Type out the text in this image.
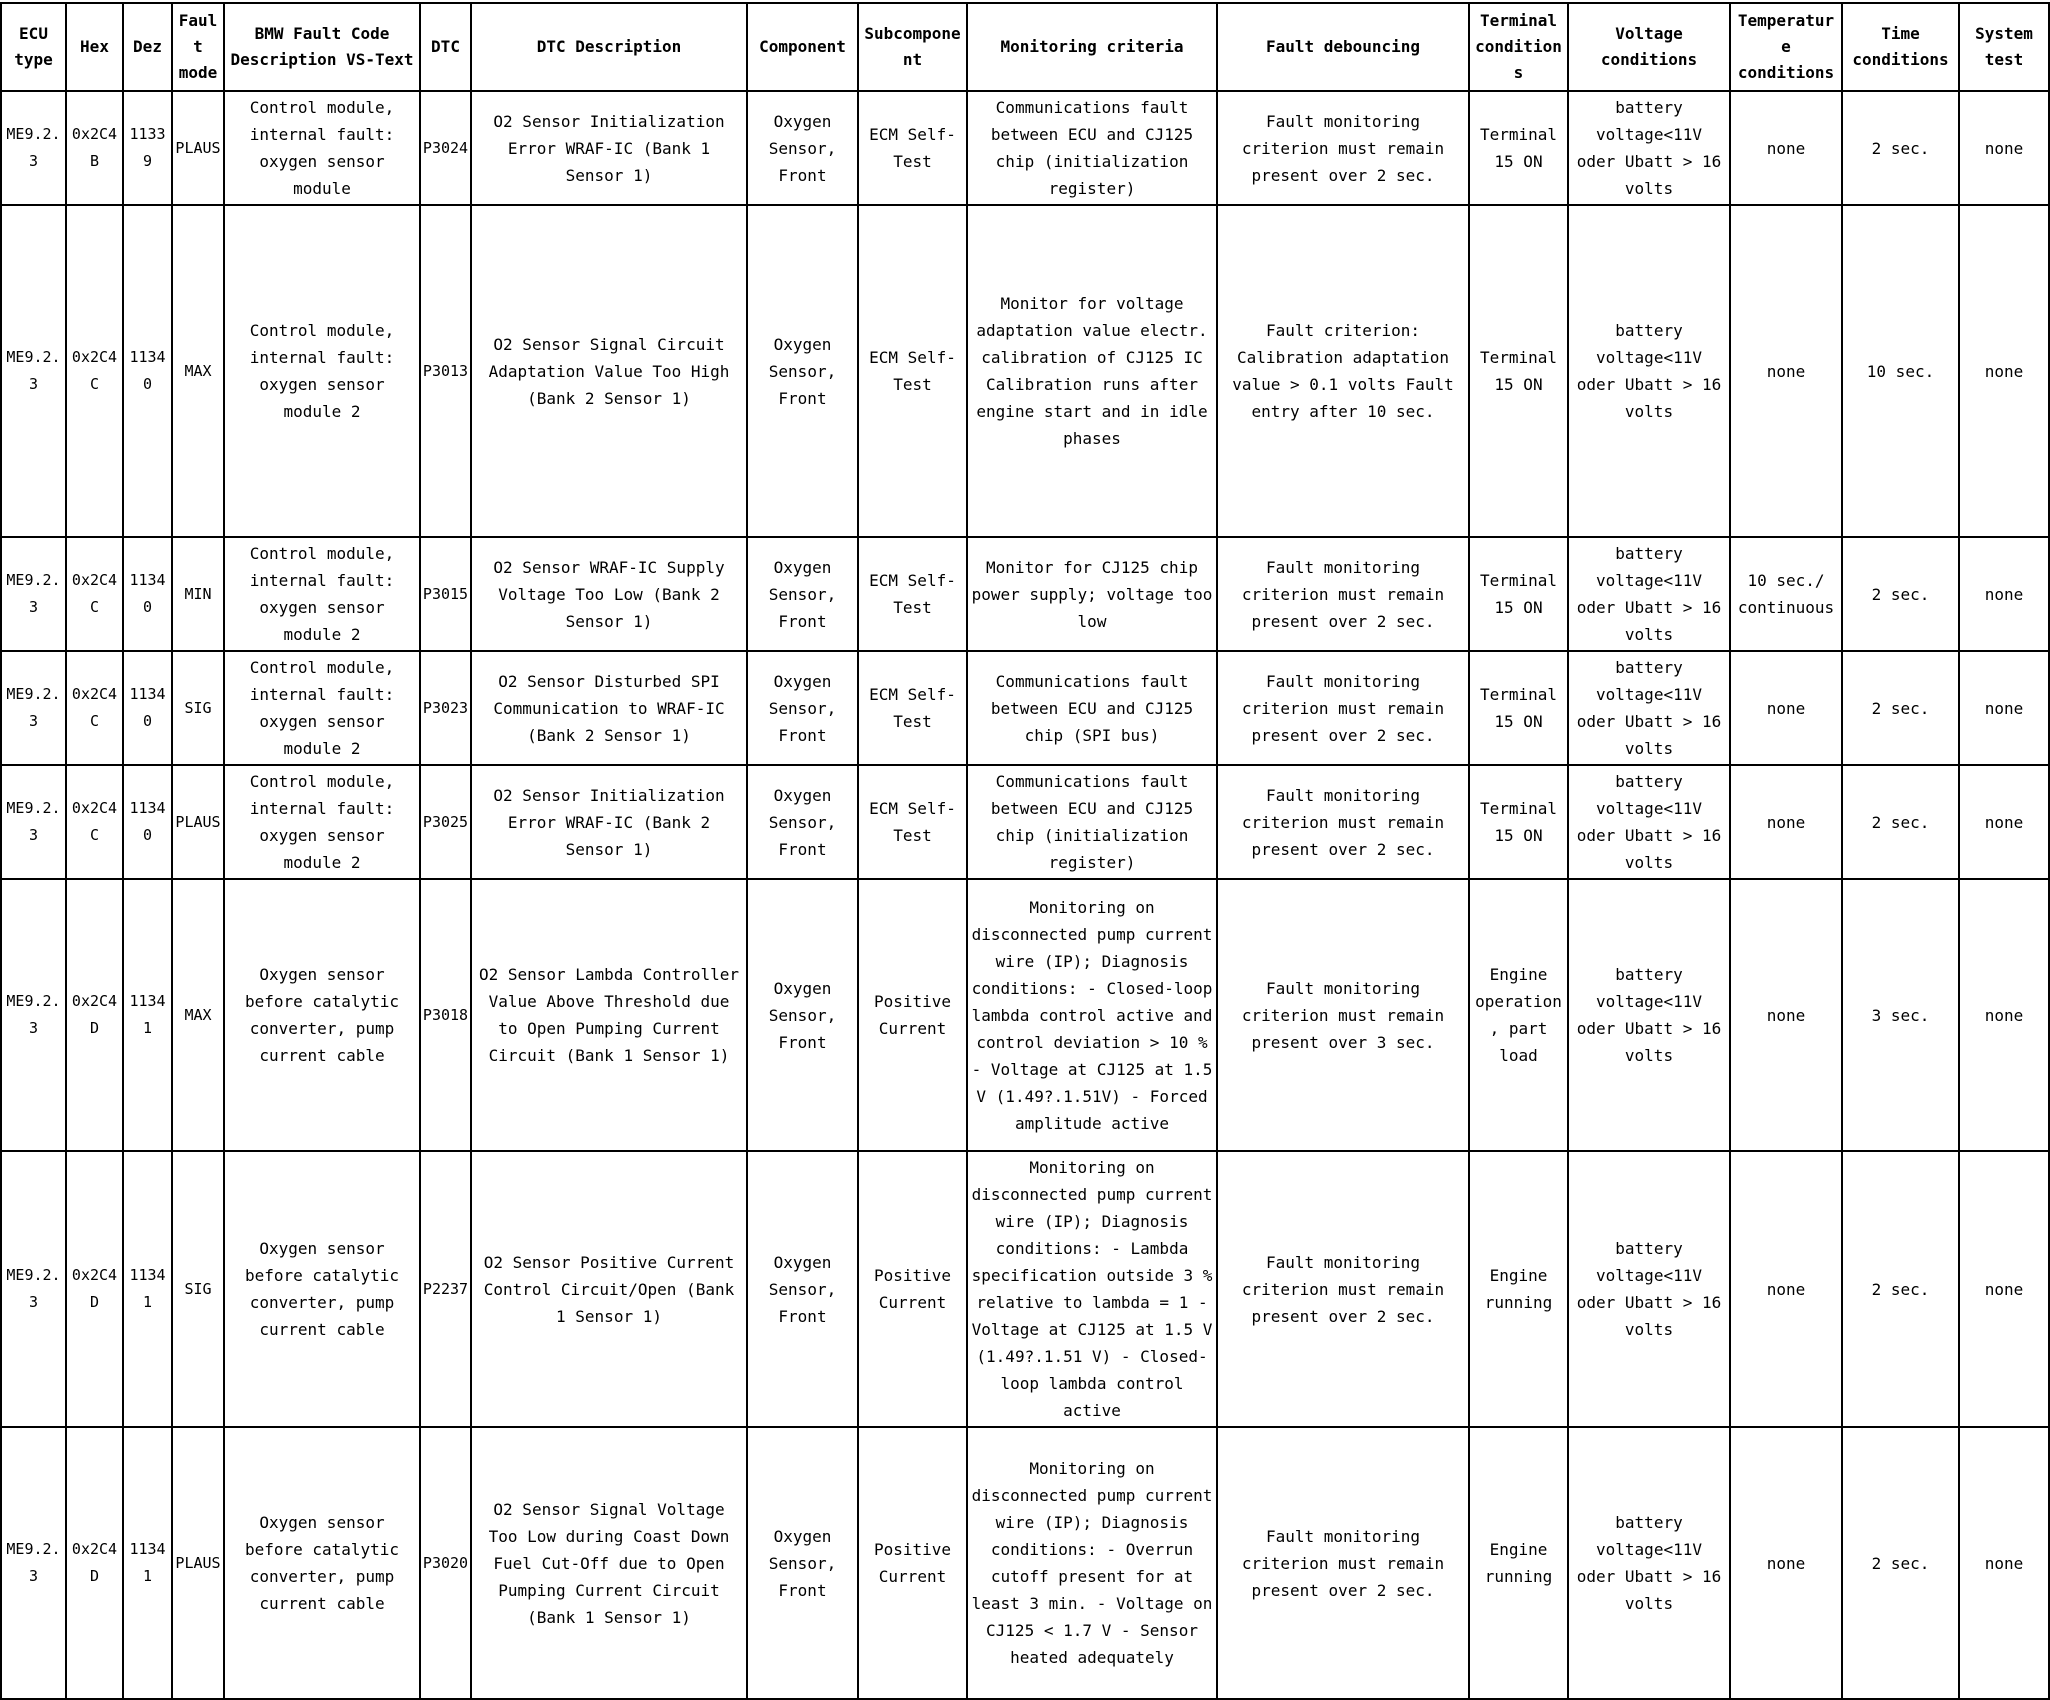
ECU type	Hex	Dez	Fault mode	BMW Fault Code Description VS-Text	DTC	DTC Description	Component	Subcomponent	Monitoring criteria	Fault debouncing	Terminal conditions	Voltage conditions	Temperature conditions	Time conditions	System test
ME9.2.3	0x2C4B	11339	PLAUS	Control module, internal fault: oxygen sensor module	P3024	O2 Sensor Initialization Error WRAF-IC (Bank 1 Sensor 1)	Oxygen Sensor, Front	ECM Self-Test	Communications fault between ECU and CJ125 chip (initialization register)	Fault monitoring criterion must remain present over 2 sec.	Terminal 15 ON	battery voltage<11V oder Ubatt > 16 volts	none	2 sec.	none
ME9.2.3	0x2C4C	11340	MAX	Control module, internal fault: oxygen sensor module 2	P3013	O2 Sensor Signal Circuit Adaptation Value Too High (Bank 2 Sensor 1)	Oxygen Sensor, Front	ECM Self-Test	Monitor for voltage adaptation value electr. calibration of CJ125 IC Calibration runs after engine start and in idle phases	Fault criterion: Calibration adaptation value > 0.1 volts Fault entry after 10 sec.	Terminal 15 ON	battery voltage<11V oder Ubatt > 16 volts	none	10 sec.	none
ME9.2.3	0x2C4C	11340	MIN	Control module, internal fault: oxygen sensor module 2	P3015	O2 Sensor WRAF-IC Supply Voltage Too Low (Bank 2 Sensor 1)	Oxygen Sensor, Front	ECM Self-Test	Monitor for CJ125 chip power supply; voltage too low	Fault monitoring criterion must remain present over 2 sec.	Terminal 15 ON	battery voltage<11V oder Ubatt > 16 volts	10 sec./ continuous	2 sec.	none
ME9.2.3	0x2C4C	11340	SIG	Control module, internal fault: oxygen sensor module 2	P3023	O2 Sensor Disturbed SPI Communication to WRAF-IC (Bank 2 Sensor 1)	Oxygen Sensor, Front	ECM Self-Test	Communications fault between ECU and CJ125 chip (SPI bus)	Fault monitoring criterion must remain present over 2 sec.	Terminal 15 ON	battery voltage<11V oder Ubatt > 16 volts	none	2 sec.	none
ME9.2.3	0x2C4C	11340	PLAUS	Control module, internal fault: oxygen sensor module 2	P3025	O2 Sensor Initialization Error WRAF-IC (Bank 2 Sensor 1)	Oxygen Sensor, Front	ECM Self-Test	Communications fault between ECU and CJ125 chip (initialization register)	Fault monitoring criterion must remain present over 2 sec.	Terminal 15 ON	battery voltage<11V oder Ubatt > 16 volts	none	2 sec.	none
ME9.2.3	0x2C4D	11341	MAX	Oxygen sensor before catalytic converter, pump current cable	P3018	O2 Sensor Lambda Controller Value Above Threshold due to Open Pumping Current Circuit (Bank 1 Sensor 1)	Oxygen Sensor, Front	Positive Current	Monitoring on disconnected pump current wire (IP); Diagnosis conditions: - Closed-loop lambda control active and control deviation > 10 % - Voltage at CJ125 at 1.5 V (1.49?.1.51V) - Forced amplitude active	Fault monitoring criterion must remain present over 3 sec.	Engine operation, part load	battery voltage<11V oder Ubatt > 16 volts	none	3 sec.	none
ME9.2.3	0x2C4D	11341	SIG	Oxygen sensor before catalytic converter, pump current cable	P2237	O2 Sensor Positive Current Control Circuit/Open (Bank 1 Sensor 1)	Oxygen Sensor, Front	Positive Current	Monitoring on disconnected pump current wire (IP); Diagnosis conditions: - Lambda specification outside 3 % relative to lambda = 1 - Voltage at CJ125 at 1.5 V (1.49?.1.51 V) - Closed-loop lambda control active	Fault monitoring criterion must remain present over 2 sec.	Engine running	battery voltage<11V oder Ubatt > 16 volts	none	2 sec.	none
ME9.2.3	0x2C4D	11341	PLAUS	Oxygen sensor before catalytic converter, pump current cable	P3020	O2 Sensor Signal Voltage Too Low during Coast Down Fuel Cut-Off due to Open Pumping Current Circuit (Bank 1 Sensor 1)	Oxygen Sensor, Front	Positive Current	Monitoring on disconnected pump current wire (IP); Diagnosis conditions: - Overrun cutoff present for at least 3 min. - Voltage on CJ125 < 1.7 V - Sensor heated adequately	Fault monitoring criterion must remain present over 2 sec.	Engine running	battery voltage<11V oder Ubatt > 16 volts	none	2 sec.	none
